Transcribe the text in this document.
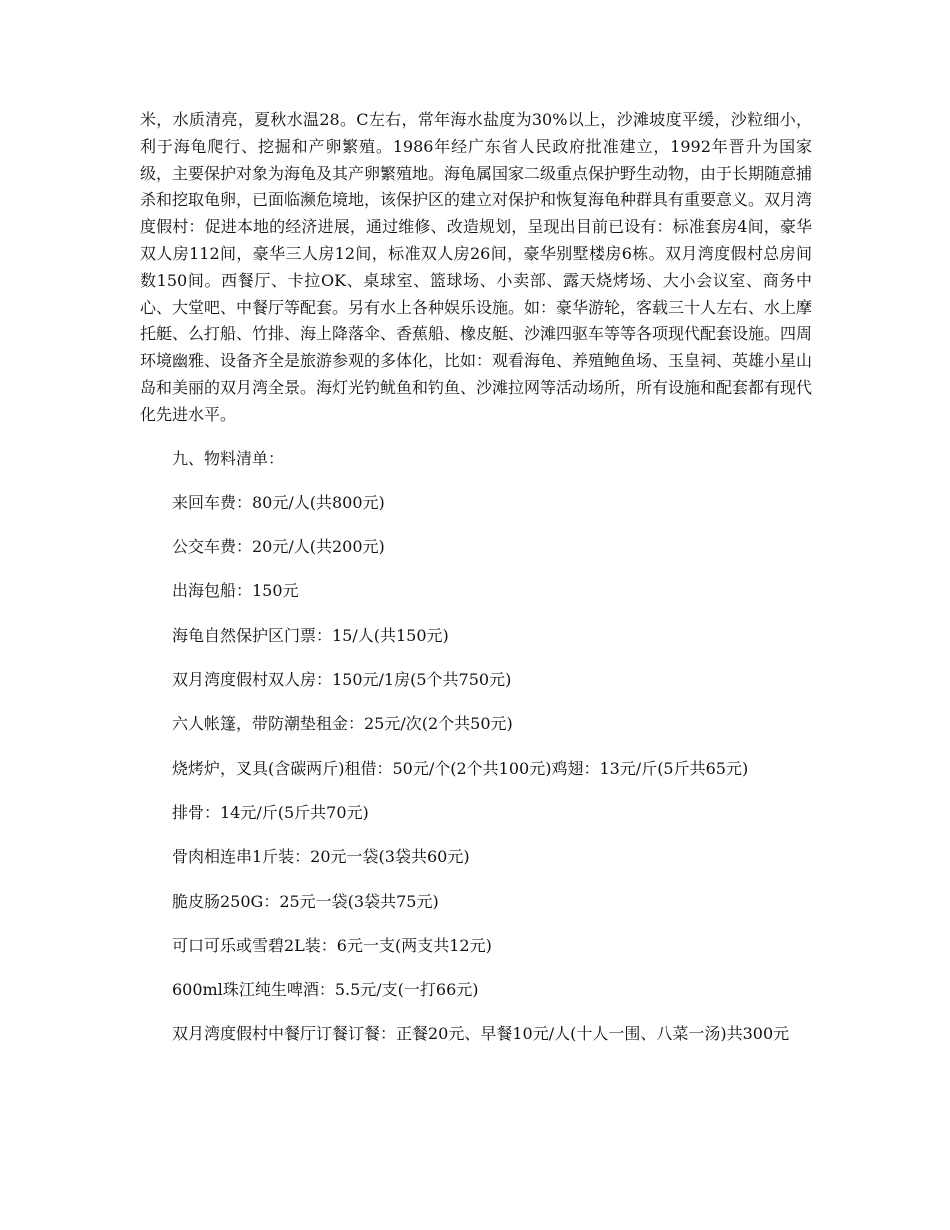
米，水质清亮，夏秋水温28。C左右，常年海水盐度为30%以上，沙滩坡度平缓，沙粒细小，利于海龟爬行、挖掘和产卵繁殖。1986年经广东省人民政府批准建立，1992年晋升为国家级，主要保护对象为海龟及其产卵繁殖地。海龟属国家二级重点保护野生动物，由于长期随意捕杀和挖取龟卵，已面临濒危境地，该保护区的建立对保护和恢复海龟种群具有重要意义。双月湾度假村：促进本地的经济进展，通过维修、改造规划，呈现出目前已设有：标准套房4间，豪华双人房112间，豪华三人房12间，标准双人房26间，豪华别墅楼房6栋。双月湾度假村总房间数150间。西餐厅、卡拉OK、桌球室、篮球场、小卖部、露天烧烤场、大小会议室、商务中心、大堂吧、中餐厅等配套。另有水上各种娱乐设施。如：豪华游轮，客载三十人左右、水上摩托艇、么打船、竹排、海上降落伞、香蕉船、橡皮艇、沙滩四驱车等等各项现代配套设施。四周环境幽雅、设备齐全是旅游参观的多体化，比如：观看海龟、养殖鲍鱼场、玉皇祠、英雄小星山岛和美丽的双月湾全景。海灯光钓鱿鱼和钓鱼、沙滩拉网等活动场所，所有设施和配套都有现代化先进水平。

九、物料清单：

来回车费：80元/人(共800元)

公交车费：20元/人(共200元)

出海包船：150元

海龟自然保护区门票：15/人(共150元)

双月湾度假村双人房：150元/1房(5个共750元)

六人帐篷，带防潮垫租金：25元/次(2个共50元)

烧烤炉，叉具(含碳两斤)租借：50元/个(2个共100元)鸡翅：13元/斤(5斤共65元)

排骨：14元/斤(5斤共70元)

骨肉相连串1斤装：20元一袋(3袋共60元)

脆皮肠250G：25元一袋(3袋共75元)

可口可乐或雪碧2L装：6元一支(两支共12元)

600ml珠江纯生啤酒：5.5元/支(一打66元)

双月湾度假村中餐厅订餐订餐：正餐20元、早餐10元/人(十人一围、八菜一汤)共300元
